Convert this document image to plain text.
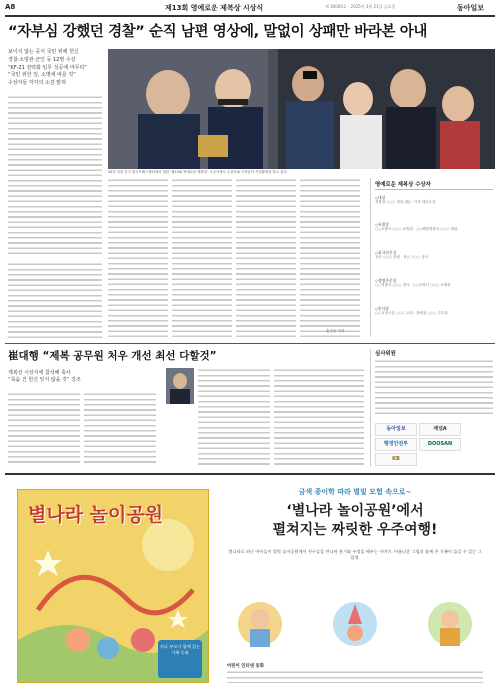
A8	제13회 영예로운 제복상 시상식	제 30000호 · 2025년 3월 21일 금요일	동아일보
“자부심 강했던 경찰” 순직 남편 영상에, 말없이 상패만 바라본 아내
보이지 않는 곳서 국민 위해 헌신
경찰·소방관·군인 등 12명 수상
“KF-21 전력화 임무 성공에 마무리”
“국민 위한 일, 소명에 따를 것”
수상자들 각각의 소감 밝혀
20일 서울 중구 한국프레스센터에서 열린 ‘제13회 영예로운 제복상’ 시상식에서 수상자와 가족들이 기념촬영을 하고 있다.
홍길동 기자
영예로운 제복상 수상자
◇대상
경찰청 ○○○ 경감 (故) · 가족 대리수상
◇특별상
○○소방서 ○○○ 소방위 · ○○해양경찰서 ○○○ 경위
◇위국헌신상
공군 ○○○ 중령 · 육군 ○○○ 상사
◇생명존중상
○○경찰서 ○○○ 경사 · ○○소방서 ○○○ 소방장
◇봉사상
○○교정시설 ○○○ 교위 · 관세청 ○○○ 주무관
崔대행 “제복 공무원 처우 개선 최선 다할것”
제복상 시상식에 참석해 축사
“목숨 건 헌신 잊지 않을 것” 강조
심사위원
동아일보	채널A
행정안전부	DOOSAN
KB
별나라 놀이공원
지나 부모가 함께 읽는 가족 동화
금색 종이학 따라 별빛 모험 속으로~
‘별나라 놀이공원’에서
펼쳐지는 짜릿한 우주여행!
별나라로 떠난 아이들이 별빛 놀이공원에서 친구들을 만나며 용기와 우정을 배우는 이야기. 아름다운 그림과 함께 온 가족이 즐길 수 있는 그림책.
어린이 인터넷 동화
